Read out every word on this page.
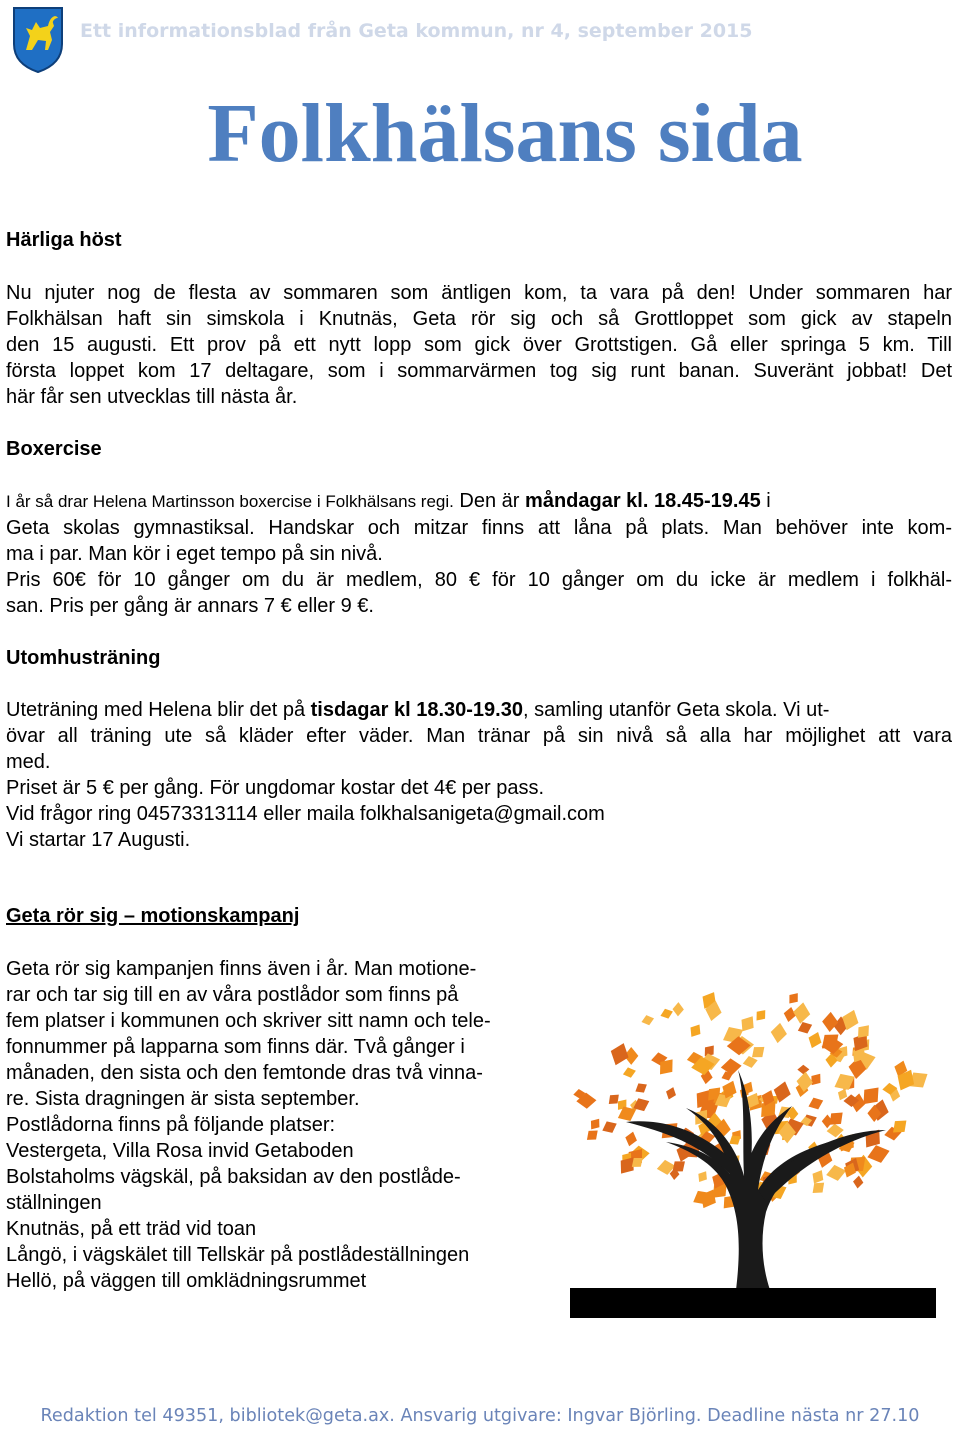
Ett informationsblad från Geta kommun, nr 4, september 2015
Folkhälsans sida
Härliga höst
Nu njuter nog de flesta av sommaren som äntligen kom, ta vara på den! Under sommaren har
Folkhälsan haft sin simskola i Knutnäs, Geta rör sig och så Grottloppet som gick av stapeln
den 15 augusti. Ett prov på ett nytt lopp som gick över Grottstigen. Gå eller springa 5 km. Till
första loppet kom 17 deltagare, som i sommarvärmen tog sig runt banan. Suveränt jobbat! Det
här får sen utvecklas till nästa år.
Boxercise
I år så drar Helena Martinsson boxercise i Folkhälsans regi. Den är måndagar kl. 18.45-19.45 i
Geta skolas gymnastiksal. Handskar och mitzar finns att låna på plats. Man behöver inte kom-
ma i par. Man kör i eget tempo på sin nivå.
Pris 60€ för 10 gånger om du är medlem, 80 € för 10 gånger om du icke är medlem i folkhäl-
san. Pris per gång är annars 7 € eller 9 €.
Utomhusträning
Uteträning med Helena blir det på tisdagar kl 18.30-19.30, samling utanför Geta skola. Vi ut-
övar all träning ute så kläder efter väder. Man tränar på sin nivå så alla har möjlighet att vara
med.
Priset är 5 € per gång. För ungdomar kostar det 4€ per pass.
Vid frågor ring 04573313114 eller maila folkhalsanigeta@gmail.com
Vi startar 17 Augusti.
Geta rör sig – motionskampanj
Geta rör sig kampanjen finns även i år. Man motione-
rar och tar sig till en av våra postlådor som finns på
fem platser i kommunen och skriver sitt namn och tele-
fonnummer på lapparna som finns där. Två gånger i
månaden, den sista och den femtonde dras två vinna-
re. Sista dragningen är sista september.
Postlådorna finns på följande platser:
Vestergeta, Villa Rosa invid Getaboden
Bolstaholms vägskäl, på baksidan av den postlåde-
ställningen
Knutnäs, på ett träd vid toan
Långö, i vägskälet till Tellskär på postlådeställningen
Hellö, på väggen till omklädningsrummet
Redaktion tel 49351, bibliotek@geta.ax. Ansvarig utgivare: Ingvar Björling. Deadline nästa nr 27.10
